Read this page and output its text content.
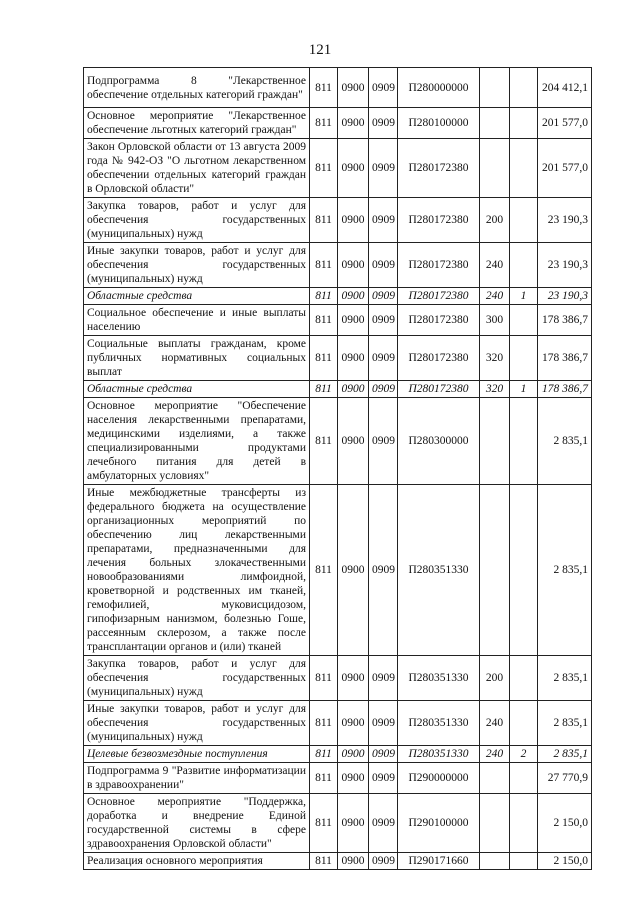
121
Подпрограмма 8 "Лекарственное обеспечение отдельных категорий граждан"	811	0900	0909	П280000000			204 412,1
Основное мероприятие "Лекарственное обеспечение льготных категорий граждан"	811	0900	0909	П280100000			201 577,0
Закон Орловской области от 13 августа 2009 года № 942-ОЗ "О льготном лекарственном обеспечении отдельных категорий граждан в Орловской области"	811	0900	0909	П280172380			201 577,0
Закупка товаров, работ и услуг для обеспечения государственных (муниципальных) нужд	811	0900	0909	П280172380	200		23 190,3
Иные закупки товаров, работ и услуг для обеспечения государственных (муниципальных) нужд	811	0900	0909	П280172380	240		23 190,3
Областные средства	811	0900	0909	П280172380	240	1	23 190,3
Социальное обеспечение и иные выплаты населению	811	0900	0909	П280172380	300		178 386,7
Социальные выплаты гражданам, кроме публичных нормативных социальных выплат	811	0900	0909	П280172380	320		178 386,7
Областные средства	811	0900	0909	П280172380	320	1	178 386,7
Основное мероприятие "Обеспечение населения лекарственными препаратами, медицинскими изделиями, а также специализированными продуктами лечебного питания для детей в амбулаторных условиях"	811	0900	0909	П280300000			2 835,1
Иные межбюджетные трансферты из федерального бюджета на осуществление организационных мероприятий по обеспечению лиц лекарственными препаратами, предназначенными для лечения больных злокачественными новообразованиями лимфоидной, кроветворной и родственных им тканей, гемофилией, муковисцидозом, гипофизарным нанизмом, болезнью Гоше, рассеянным склерозом, а также после трансплантации органов и (или) тканей	811	0900	0909	П280351330			2 835,1
Закупка товаров, работ и услуг для обеспечения государственных (муниципальных) нужд	811	0900	0909	П280351330	200		2 835,1
Иные закупки товаров, работ и услуг для обеспечения государственных (муниципальных) нужд	811	0900	0909	П280351330	240		2 835,1
Целевые безвозмездные поступления	811	0900	0909	П280351330	240	2	2 835,1
Подпрограмма 9 "Развитие информатизации в здравоохранении"	811	0900	0909	П290000000			27 770,9
Основное мероприятие "Поддержка, доработка и внедрение Единой государственной системы в сфере здравоохранения Орловской области"	811	0900	0909	П290100000			2 150,0
Реализация основного мероприятия	811	0900	0909	П290171660			2 150,0
